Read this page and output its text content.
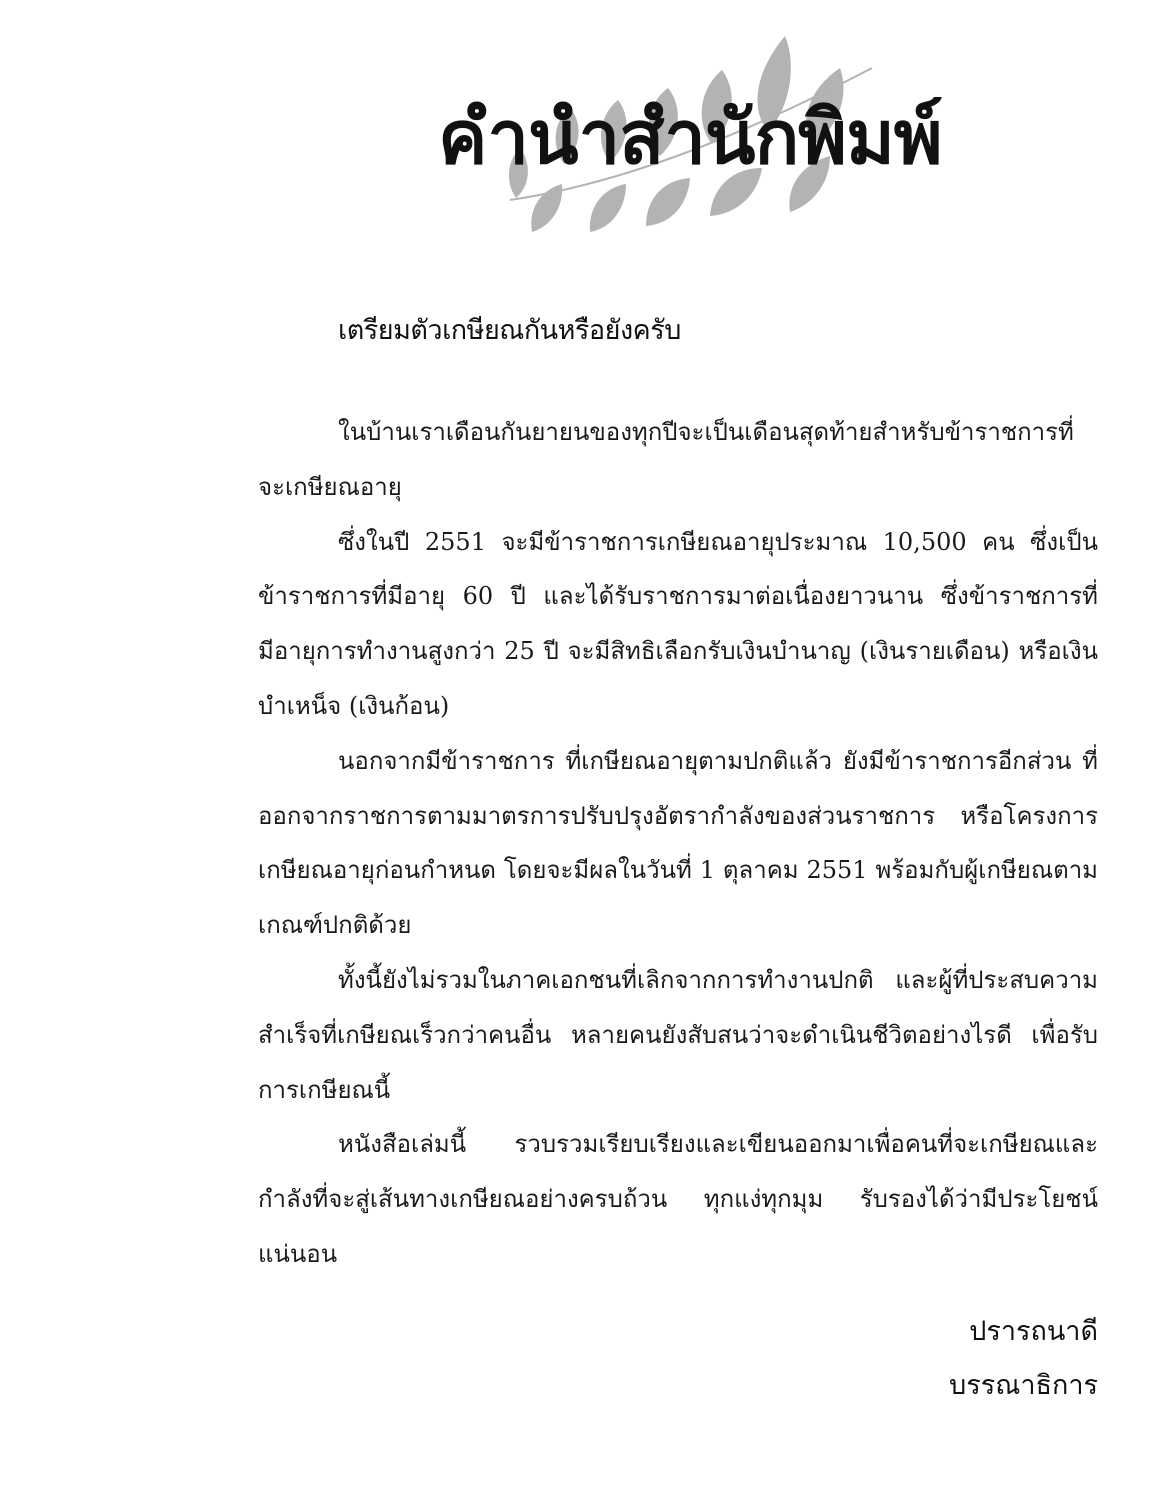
คำนำสำนักพิมพ์
เตรียมตัวเกษียณกันหรือยังครับ

ในบ้านเราเดือนกันยายนของทุกปีจะเป็นเดือนสุดท้ายสำหรับข้าราชการที่จะเกษียณอายุ

ซึ่งในปี 2551 จะมีข้าราชการเกษียณอายุประมาณ 10,500 คน ซึ่งเป็นข้าราชการที่มีอายุ 60 ปี และได้รับราชการมาต่อเนื่องยาวนาน ซึ่งข้าราชการที่มีอายุการทำงานสูงกว่า 25 ปี จะมีสิทธิเลือกรับเงินบำนาญ (เงินรายเดือน) หรือเงินบำเหน็จ (เงินก้อน)

นอกจากมีข้าราชการ ที่เกษียณอายุตามปกติแล้ว ยังมีข้าราชการอีกส่วน ที่ออกจากราชการตามมาตรการปรับปรุงอัตรากำลังของส่วนราชการ หรือโครงการเกษียณอายุก่อนกำหนด โดยจะมีผลในวันที่ 1 ตุลาคม 2551 พร้อมกับผู้เกษียณตามเกณฑ์ปกติด้วย

ทั้งนี้ยังไม่รวมในภาคเอกชนที่เลิกจากการทำงานปกติ และผู้ที่ประสบความสำเร็จที่เกษียณเร็วกว่าคนอื่น หลายคนยังสับสนว่าจะดำเนินชีวิตอย่างไรดี เพื่อรับการเกษียณนี้

หนังสือเล่มนี้ รวบรวมเรียบเรียงและเขียนออกมาเพื่อคนที่จะเกษียณและกำลังที่จะสู่เส้นทางเกษียณอย่างครบถ้วน ทุกแง่ทุกมุม รับรองได้ว่ามีประโยชน์แน่นอน

ปรารถนาดี
บรรณาธิการ
